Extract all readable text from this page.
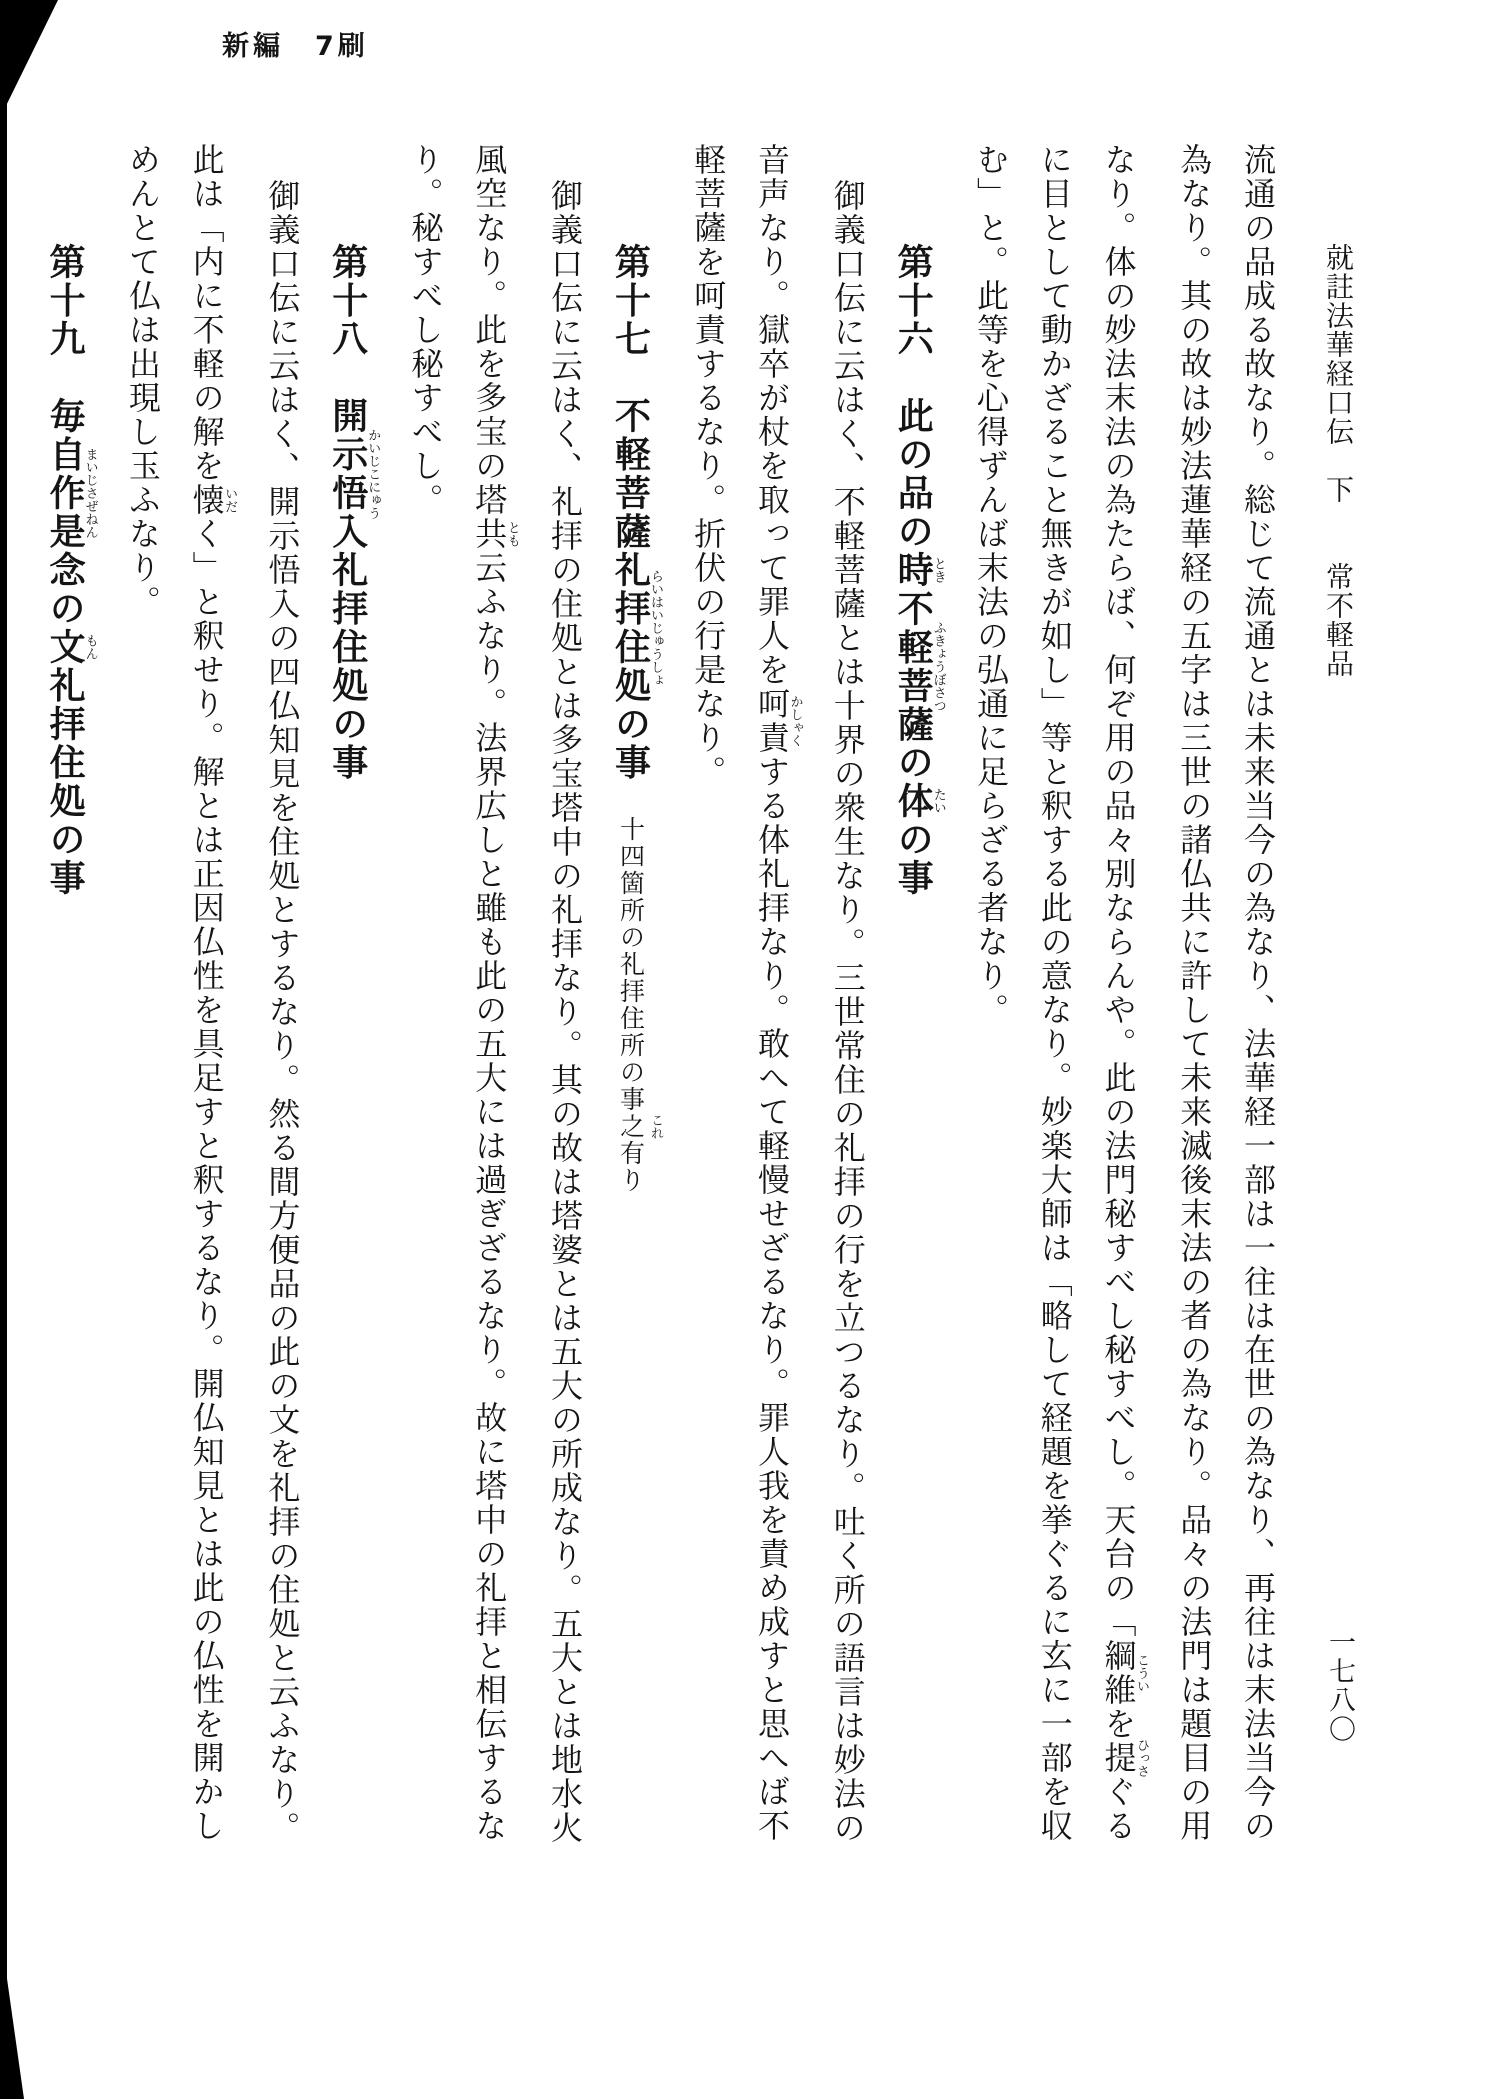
新編　7刷
就註法華経口伝　下　　常不軽品
流通の品成る故なり。総じて流通とは未来当今の為なり、法華経一部は一往は在世の為なり、再往は末法当今の
為なり。其の故は妙法蓮華経の五字は三世の諸仏共に許して未来滅後末法の者の為なり。品々の法門は題目の用
なり。体の妙法末法の為たらば、何ぞ用の品々別ならんや。此の法門秘すべし秘すべし。天台の「綱維こういを提ひっさぐる
に目として動かざること無きが如し」等と釈する此の意なり。妙楽大師は「略して経題を挙ぐるに玄に一部を収
む」と。此等を心得ずんば末法の弘通に足らざる者なり。
第十六　此の品の時とき不軽菩薩ふきょうぼさつの体たいの事
御義口伝に云はく、不軽菩薩とは十界の衆生なり。三世常住の礼拝の行を立つるなり。吐く所の語言は妙法の
音声なり。獄卒が杖を取って罪人を呵責かしゃくする体礼拝なり。敢へて軽慢せざるなり。罪人我を責め成すと思へば不
軽菩薩を呵責するなり。折伏の行是なり。
第十七　不軽菩薩礼拝住処らいはいじゅうしょの事十四箇所の礼拝住所の事之 これ有り
御義口伝に云はく、礼拝の住処とは多宝塔中の礼拝なり。其の故は塔婆とは五大の所成なり。五大とは地水火
風空なり。此を多宝の塔共とも云ふなり。法界広しと雖も此の五大には過ぎざるなり。故に塔中の礼拝と相伝するな
り。秘すべし秘すべし。
第十八　開示悟入かいじこにゅう礼拝住処の事
御義口伝に云はく、開示悟入の四仏知見を住処とするなり。然る間方便品の此の文を礼拝の住処と云ふなり。
此は「内に不軽の解を懐いだく」と釈せり。解とは正因仏性を具足すと釈するなり。開仏知見とは此の仏性を開かし
めんとて仏は出現し玉ふなり。
第十九　毎自作是念まいじさぜねんの文もん礼拝住処の事
一七八〇
